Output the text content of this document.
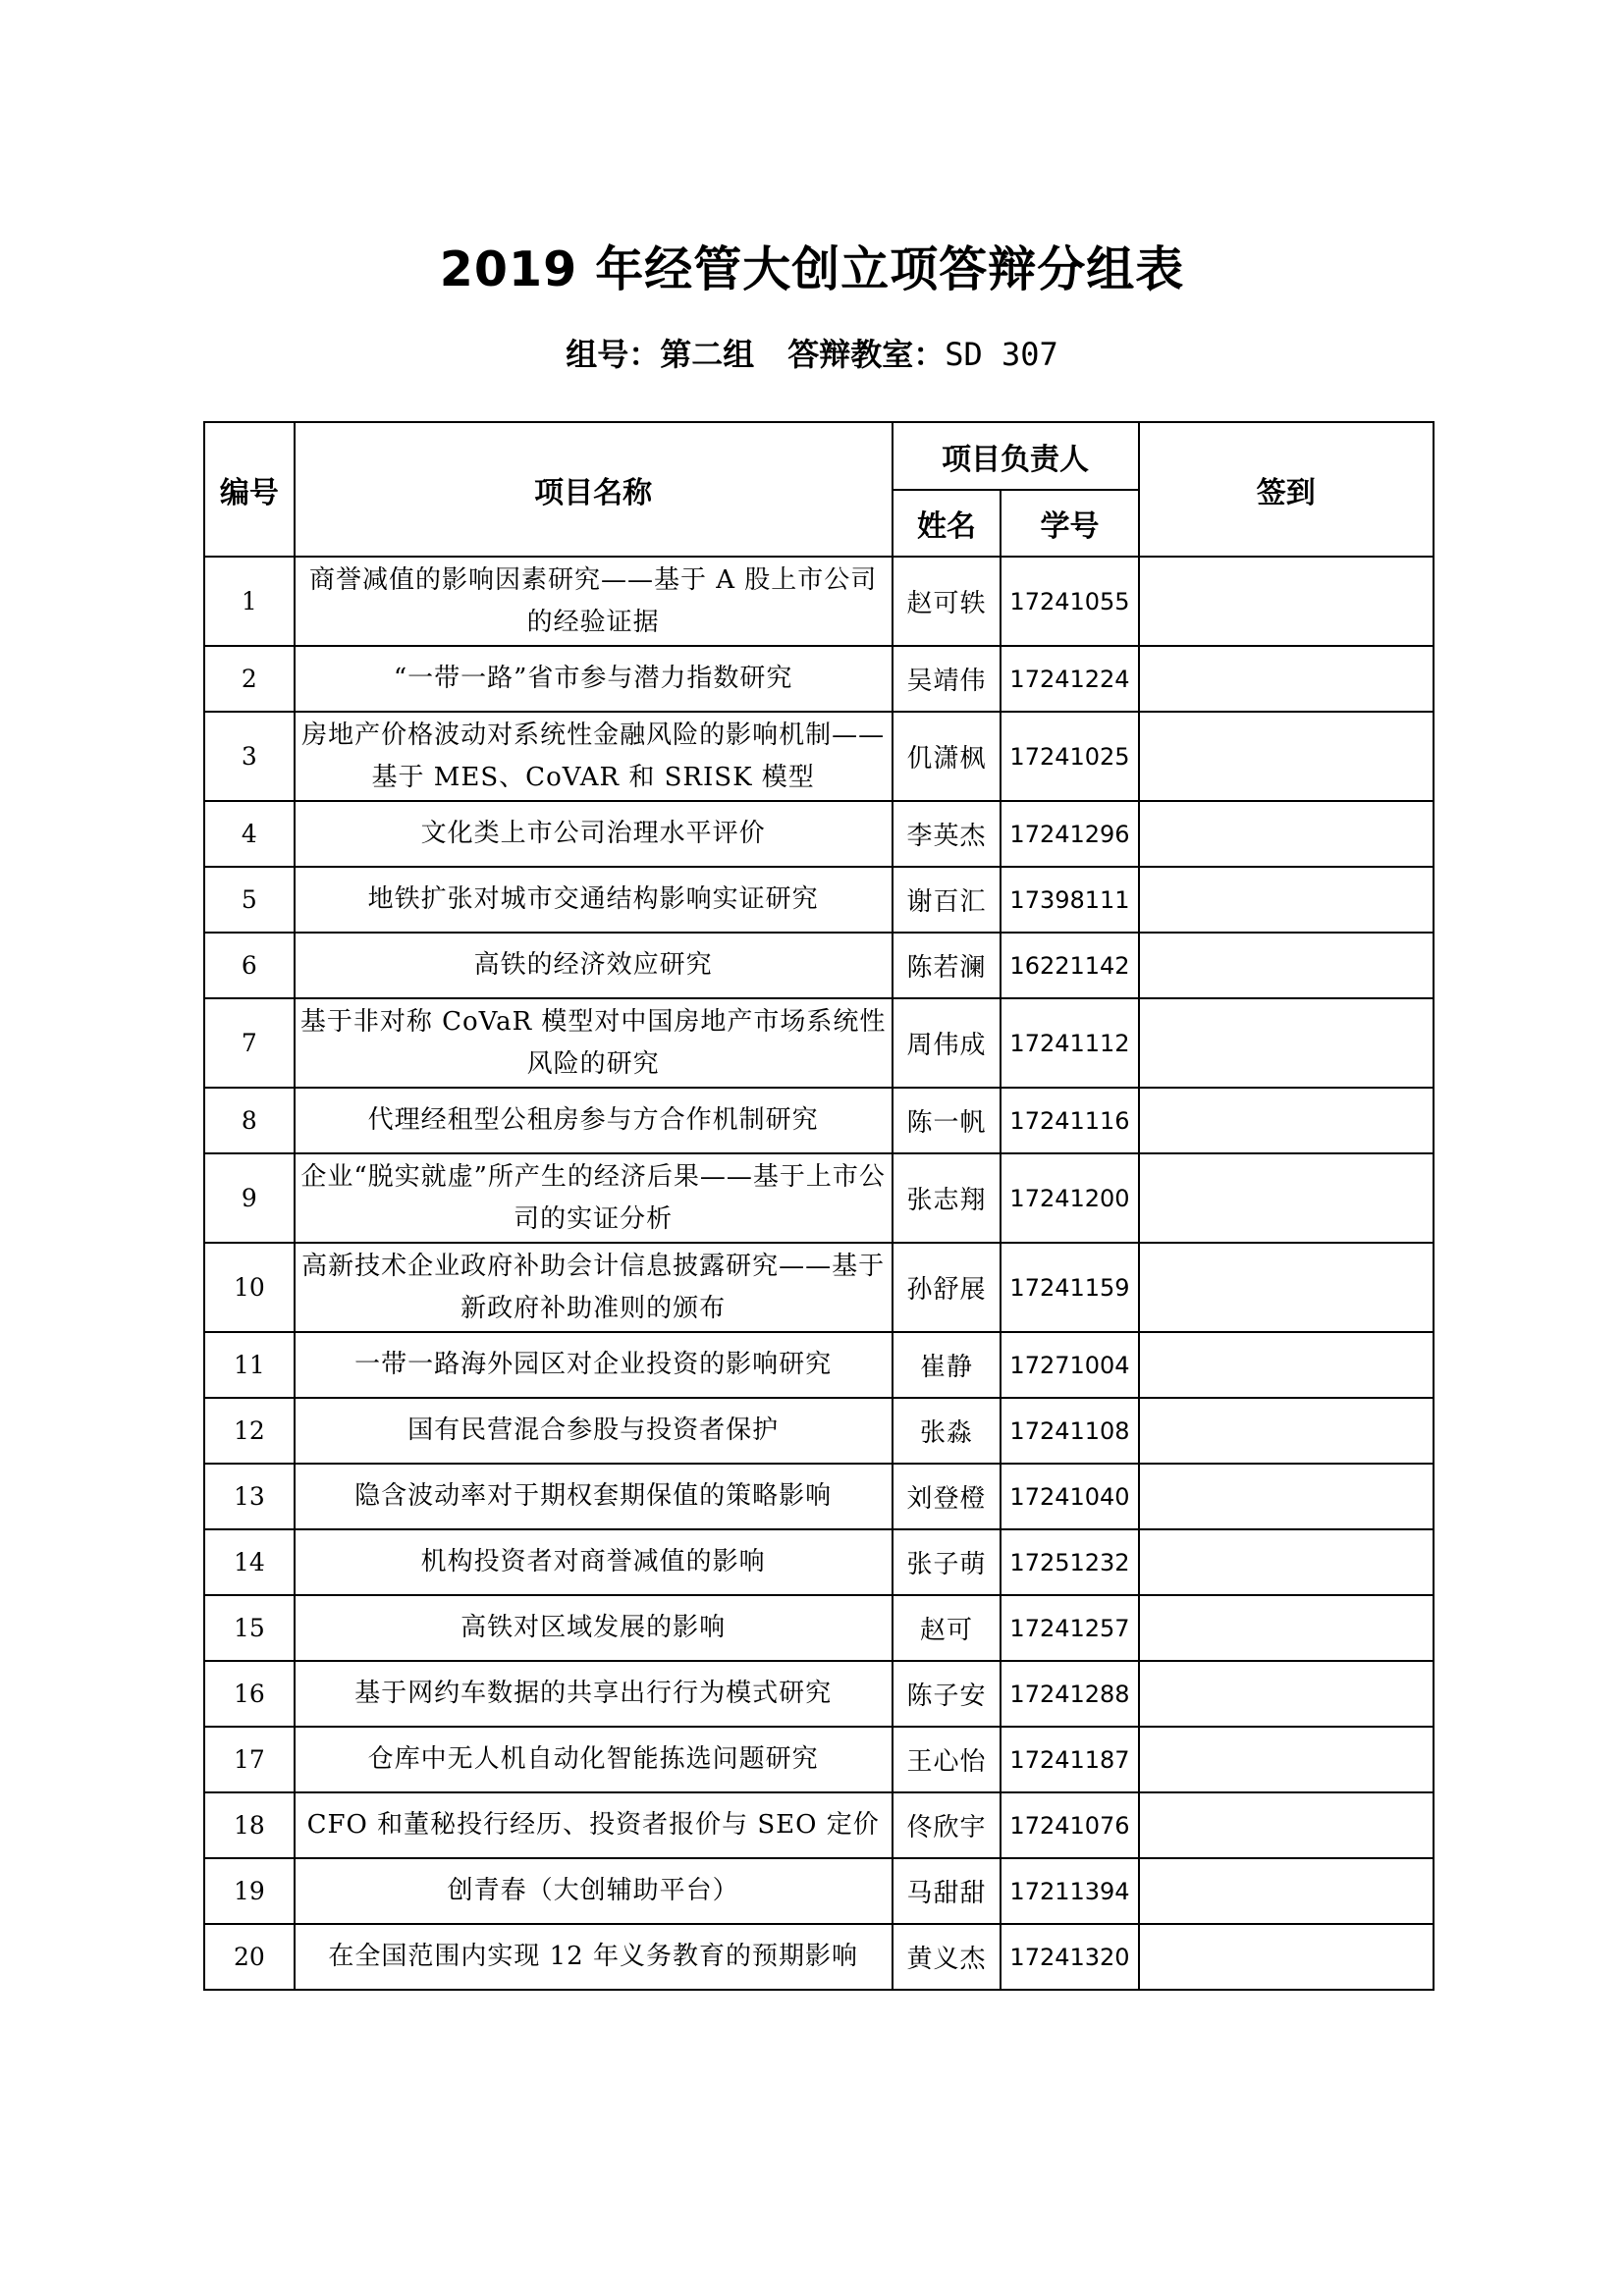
2019 年经管大创立项答辩分组表
组号：第二组 答辩教室：SD 307
编号	项目名称	项目负责人		签到
		姓名	学号	
1	商誉减值的影响因素研究——基于 A 股上市公司的经验证据	赵可轶	17241055	
2	“一带一路”省市参与潜力指数研究	吴靖伟	17241224	
3	房地产价格波动对系统性金融风险的影响机制——基于 MES、CoVAR 和 SRISK 模型	仉潇枫	17241025	
4	文化类上市公司治理水平评价	李英杰	17241296	
5	地铁扩张对城市交通结构影响实证研究	谢百汇	17398111	
6	高铁的经济效应研究	陈若澜	16221142	
7	基于非对称 CoVaR 模型对中国房地产市场系统性风险的研究	周伟成	17241112	
8	代理经租型公租房参与方合作机制研究	陈一帆	17241116	
9	企业“脱实就虚”所产生的经济后果——基于上市公司的实证分析	张志翔	17241200	
10	高新技术企业政府补助会计信息披露研究——基于新政府补助准则的颁布	孙舒展	17241159	
11	一带一路海外园区对企业投资的影响研究	崔静	17271004	
12	国有民营混合参股与投资者保护	张淼	17241108	
13	隐含波动率对于期权套期保值的策略影响	刘登橙	17241040	
14	机构投资者对商誉减值的影响	张子萌	17251232	
15	高铁对区域发展的影响	赵可	17241257	
16	基于网约车数据的共享出行行为模式研究	陈子安	17241288	
17	仓库中无人机自动化智能拣选问题研究	王心怡	17241187	
18	CFO 和董秘投行经历、投资者报价与 SEO 定价	佟欣宇	17241076	
19	创青春（大创辅助平台）	马甜甜	17211394	
20	在全国范围内实现 12 年义务教育的预期影响	黄义杰	17241320	
